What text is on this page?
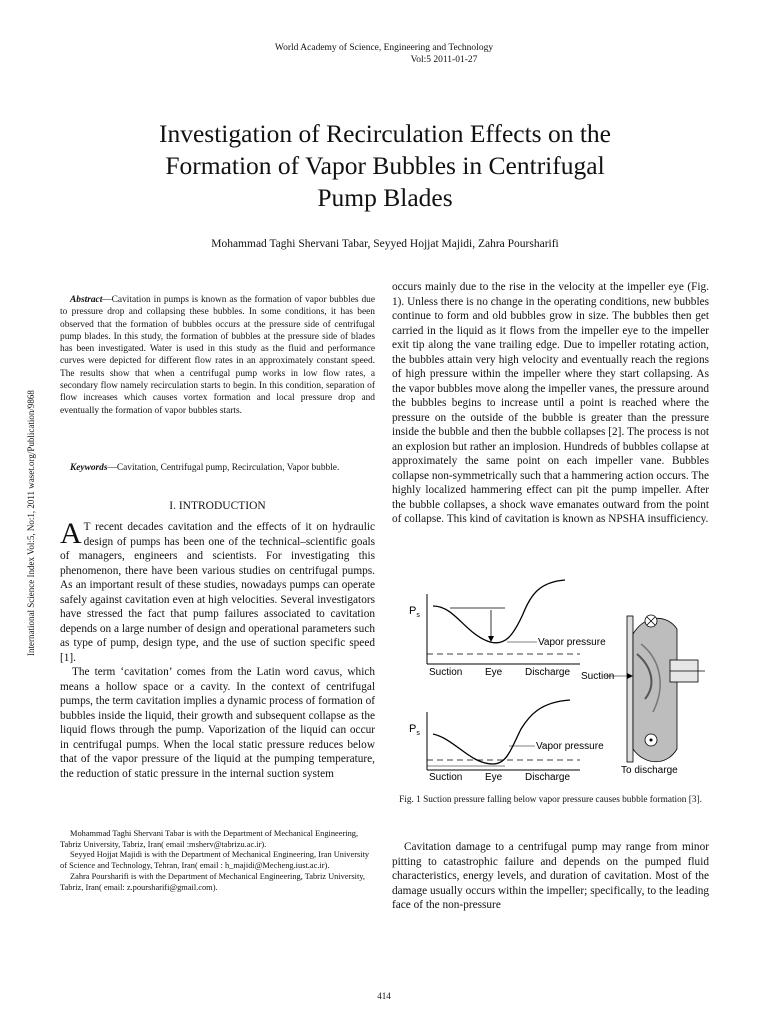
World Academy of Science, Engineering and Technology
Vol:5 2011-01-27
Investigation of Recirculation Effects on the
Formation of Vapor Bubbles in Centrifugal
Pump Blades
Mohammad Taghi Shervani Tabar, Seyyed Hojjat Majidi, Zahra Poursharifi
International Science Index Vol:5, No:1, 2011 waset.org/Publication/9868
Abstract—Cavitation in pumps is known as the formation of vapor bubbles due to pressure drop and collapsing these bubbles. In some conditions, it has been observed that the formation of bubbles occurs at the pressure side of centrifugal pump blades. In this study, the formation of bubbles at the pressure side of blades has been investigated. Water is used in this study as the fluid and performance curves were depicted for different flow rates in an approximately constant speed. The results show that when a centrifugal pump works in low flow rates, a secondary flow namely recirculation starts to begin. In this condition, separation of flow increases which causes vortex formation and local pressure drop and eventually the formation of vapor bubbles starts.
Keywords—Cavitation, Centrifugal pump, Recirculation, Vapor bubble.
I. INTRODUCTION

A T recent decades cavitation and the effects of it on hydraulic design of pumps has been one of the technical–scientific goals of managers, engineers and scientists. For investigating this phenomenon, there have been various studies on centrifugal pumps. As an important result of these studies, nowadays pumps can operate safely against cavitation even at high velocities. Several investigators have stressed the fact that pump failures associated to cavitation depends on a large number of design and operational parameters such as type of pump, design type, and the use of suction specific speed [1].

The term ‘cavitation’ comes from the Latin word cavus, which means a hollow space or a cavity. In the context of centrifugal pumps, the term cavitation implies a dynamic process of formation of bubbles inside the liquid, their growth and subsequent collapse as the liquid flows through the pump. Vaporization of the liquid can occur in centrifugal pumps. When the local static pressure reduces below that of the vapor pressure of the liquid at the pumping temperature, the reduction of static pressure in the internal suction system

Mohammad Taghi Shervani Tabar is with the Department of Mechanical Engineering, Tabriz University, Tabriz, Iran( email :msherv@tabrizu.ac.ir).

Seyyed Hojjat Majidi is with the Department of Mechanical Engineering, Iran University of Science and Technology, Tehran, Iran( email : h_majidi@Mecheng.iust.ac.ir).

Zahra Poursharifi is with the Department of Mechanical Engineering, Tabriz University, Tabriz, Iran( email: z.poursharifi@gmail.com).

occurs mainly due to the rise in the velocity at the impeller eye (Fig. 1). Unless there is no change in the operating conditions, new bubbles continue to form and old bubbles grow in size. The bubbles then get carried in the liquid as it flows from the impeller eye to the impeller exit tip along the vane trailing edge. Due to impeller rotating action, the bubbles attain very high velocity and eventually reach the regions of high pressure within the impeller where they start collapsing. As the vapor bubbles move along the impeller vanes, the pressure around the bubbles begins to increase until a point is reached where the pressure on the outside of the bubble is greater than the pressure inside the bubble and then the bubble collapses [2]. The process is not an explosion but rather an implosion. Hundreds of bubbles collapse at approximately the same point on each impeller vane. Bubbles collapse non-symmetrically such that a hammering action occurs. The highly localized hammering effect can pit the pump impeller. After the bubble collapses, a shock wave emanates outward from the point of collapse. This kind of cavitation is known as NPSHA insufficiency.
$P_s$
Vapor pressure
Suction Eye Discharge
$P_s$
Vapor pressure
Suction Eye Discharge
Suction
To discharge
Fig. 1 Suction pressure falling below vapor pressure causes bubble formation [3].

Cavitation damage to a centrifugal pump may range from minor pitting to catastrophic failure and depends on the pumped fluid characteristics, energy levels, and duration of cavitation. Most of the damage usually occurs within the impeller; specifically, to the leading face of the non-pressure

414
